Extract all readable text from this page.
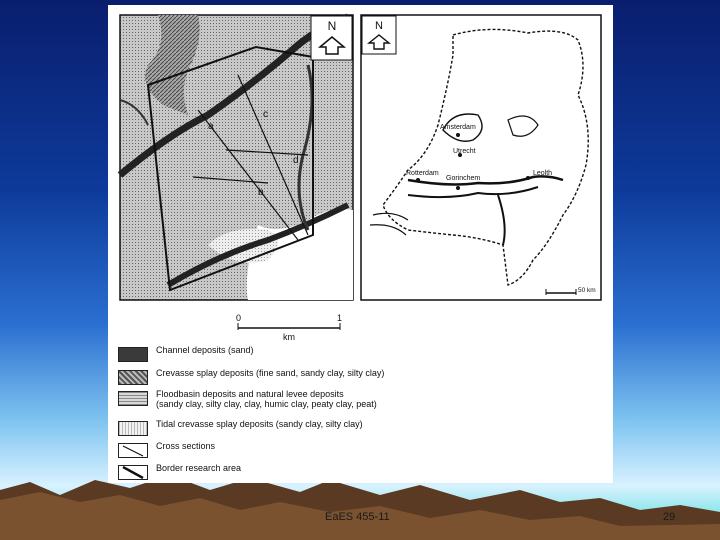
N
a
b
c
d
N
Amsterdam
Utrecht
Rotterdam
Gorinchem
Leolth
50 km
0	1
km
Channel deposits (sand)
Crevasse splay deposits (fine sand, sandy clay, silty clay)
Floodbasin deposits and natural levee deposits
(sandy clay, silty clay, clay, humic clay, peaty clay, peat)
Tidal crevasse splay deposits (sandy clay, silty clay)
Cross sections
Border research area
EaES 455-11	29
